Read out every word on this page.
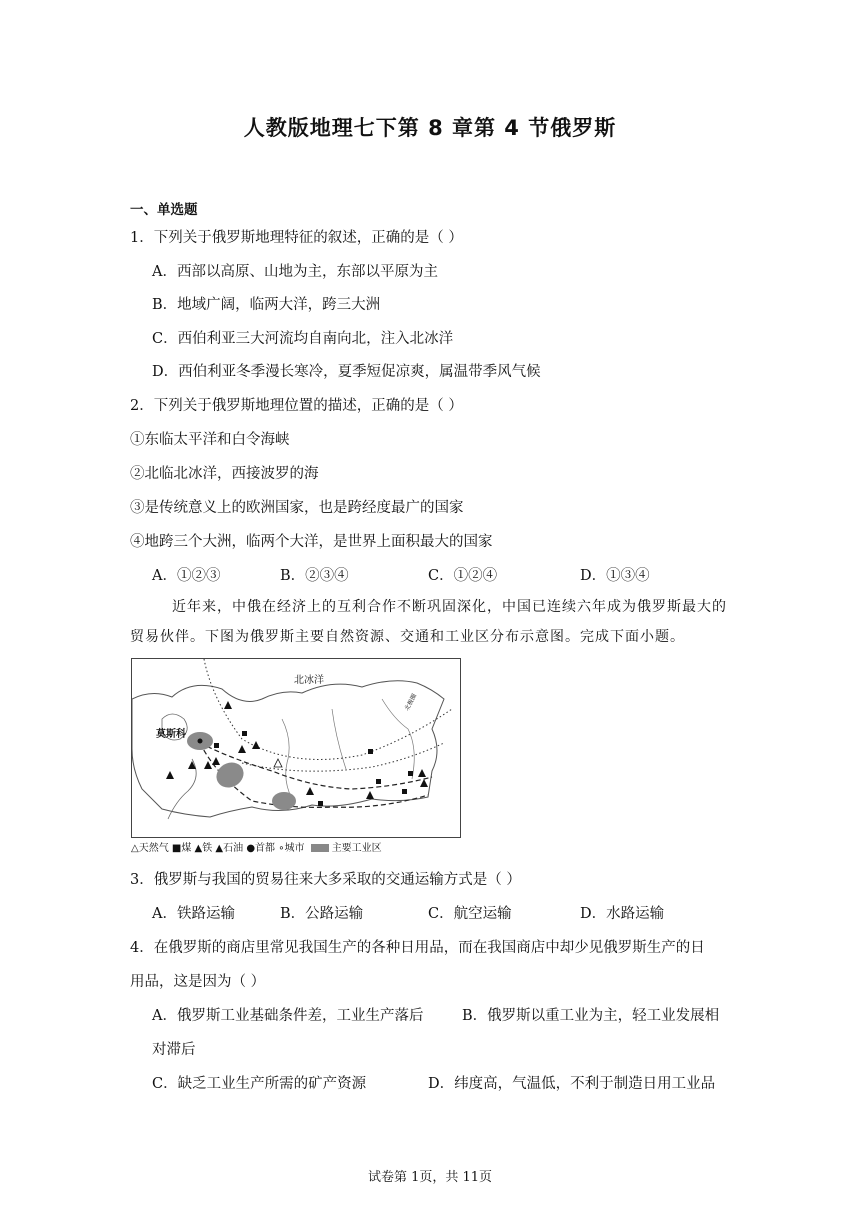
人教版地理七下第 8 章第 4 节俄罗斯
一、单选题
1．下列关于俄罗斯地理特征的叙述，正确的是（ ）
A．西部以高原、山地为主，东部以平原为主
B．地域广阔，临两大洋，跨三大洲
C．西伯利亚三大河流均自南向北，注入北冰洋
D．西伯利亚冬季漫长寒冷，夏季短促凉爽，属温带季风气候
2．下列关于俄罗斯地理位置的描述，正确的是（ ）
①东临太平洋和白令海峡
②北临北冰洋，西接波罗的海
③是传统意义上的欧洲国家，也是跨经度最广的国家
④地跨三个大洲，临两个大洋，是世界上面积最大的国家
A．①②③	B．②③④	C．①②④	D．①③④
近年来，中俄在经济上的互利合作不断巩固深化，中国已连续六年成为俄罗斯最大的
贸易伙伴。下图为俄罗斯主要自然资源、交通和工业区分布示意图。完成下面小题。
莫斯科
北冰洋
北极圈
△天然气 ■煤 ▲铁 ▲石油 ●首都 ∘城市	主要工业区
3．俄罗斯与我国的贸易往来大多采取的交通运输方式是（ ）
A．铁路运输	B．公路运输	C．航空运输	D．水路运输
4．在俄罗斯的商店里常见我国生产的各种日用品，而在我国商店中却少见俄罗斯生产的日
用品，这是因为（ ）
A．俄罗斯工业基础条件差，工业生产落后	B．俄罗斯以重工业为主，轻工业发展相
对滞后
C．缺乏工业生产所需的矿产资源	D．纬度高，气温低，不利于制造日用工业品
试卷第 1页，共 11页
